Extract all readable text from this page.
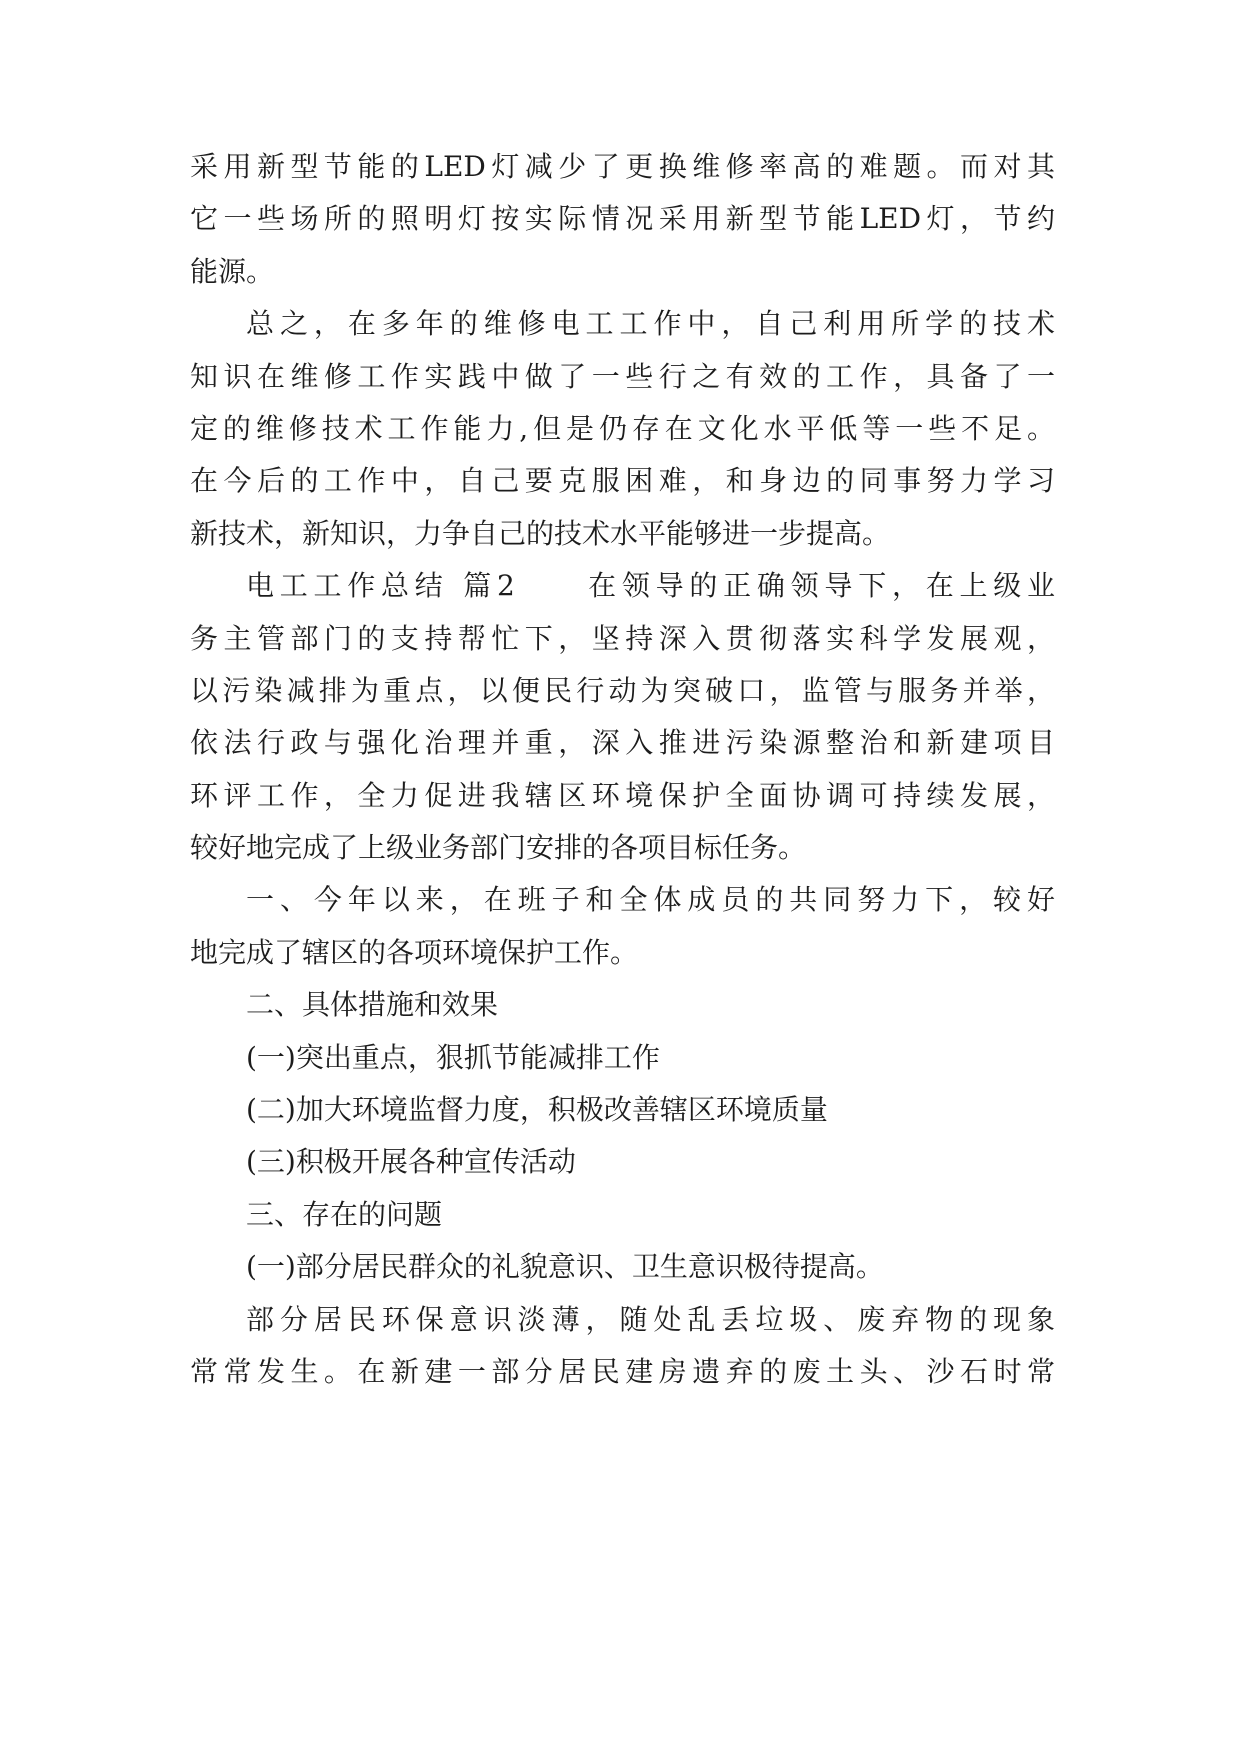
采用新型节能的LED灯减少了更换维修率高的难题。而对其
它一些场所的照明灯按实际情况采用新型节能LED灯，节约
能源。
总之，在多年的维修电工工作中，自己利用所学的技术
知识在维修工作实践中做了一些行之有效的工作，具备了一
定的维修技术工作能力,但是仍存在文化水平低等一些不足。
在今后的工作中，自己要克服困难，和身边的同事努力学习
新技术，新知识，力争自己的技术水平能够进一步提高。
电工工作总结 篇2　　在领导的正确领导下，在上级业
务主管部门的支持帮忙下，坚持深入贯彻落实科学发展观，
以污染减排为重点，以便民行动为突破口，监管与服务并举，
依法行政与强化治理并重，深入推进污染源整治和新建项目
环评工作，全力促进我辖区环境保护全面协调可持续发展，
较好地完成了上级业务部门安排的各项目标任务。
一、今年以来，在班子和全体成员的共同努力下，较好
地完成了辖区的各项环境保护工作。
二、具体措施和效果
(一)突出重点，狠抓节能减排工作
(二)加大环境监督力度，积极改善辖区环境质量
(三)积极开展各种宣传活动
三、存在的问题
(一)部分居民群众的礼貌意识、卫生意识极待提高。
部分居民环保意识淡薄，随处乱丢垃圾、废弃物的现象
常常发生。在新建一部分居民建房遗弃的废土头、沙石时常
